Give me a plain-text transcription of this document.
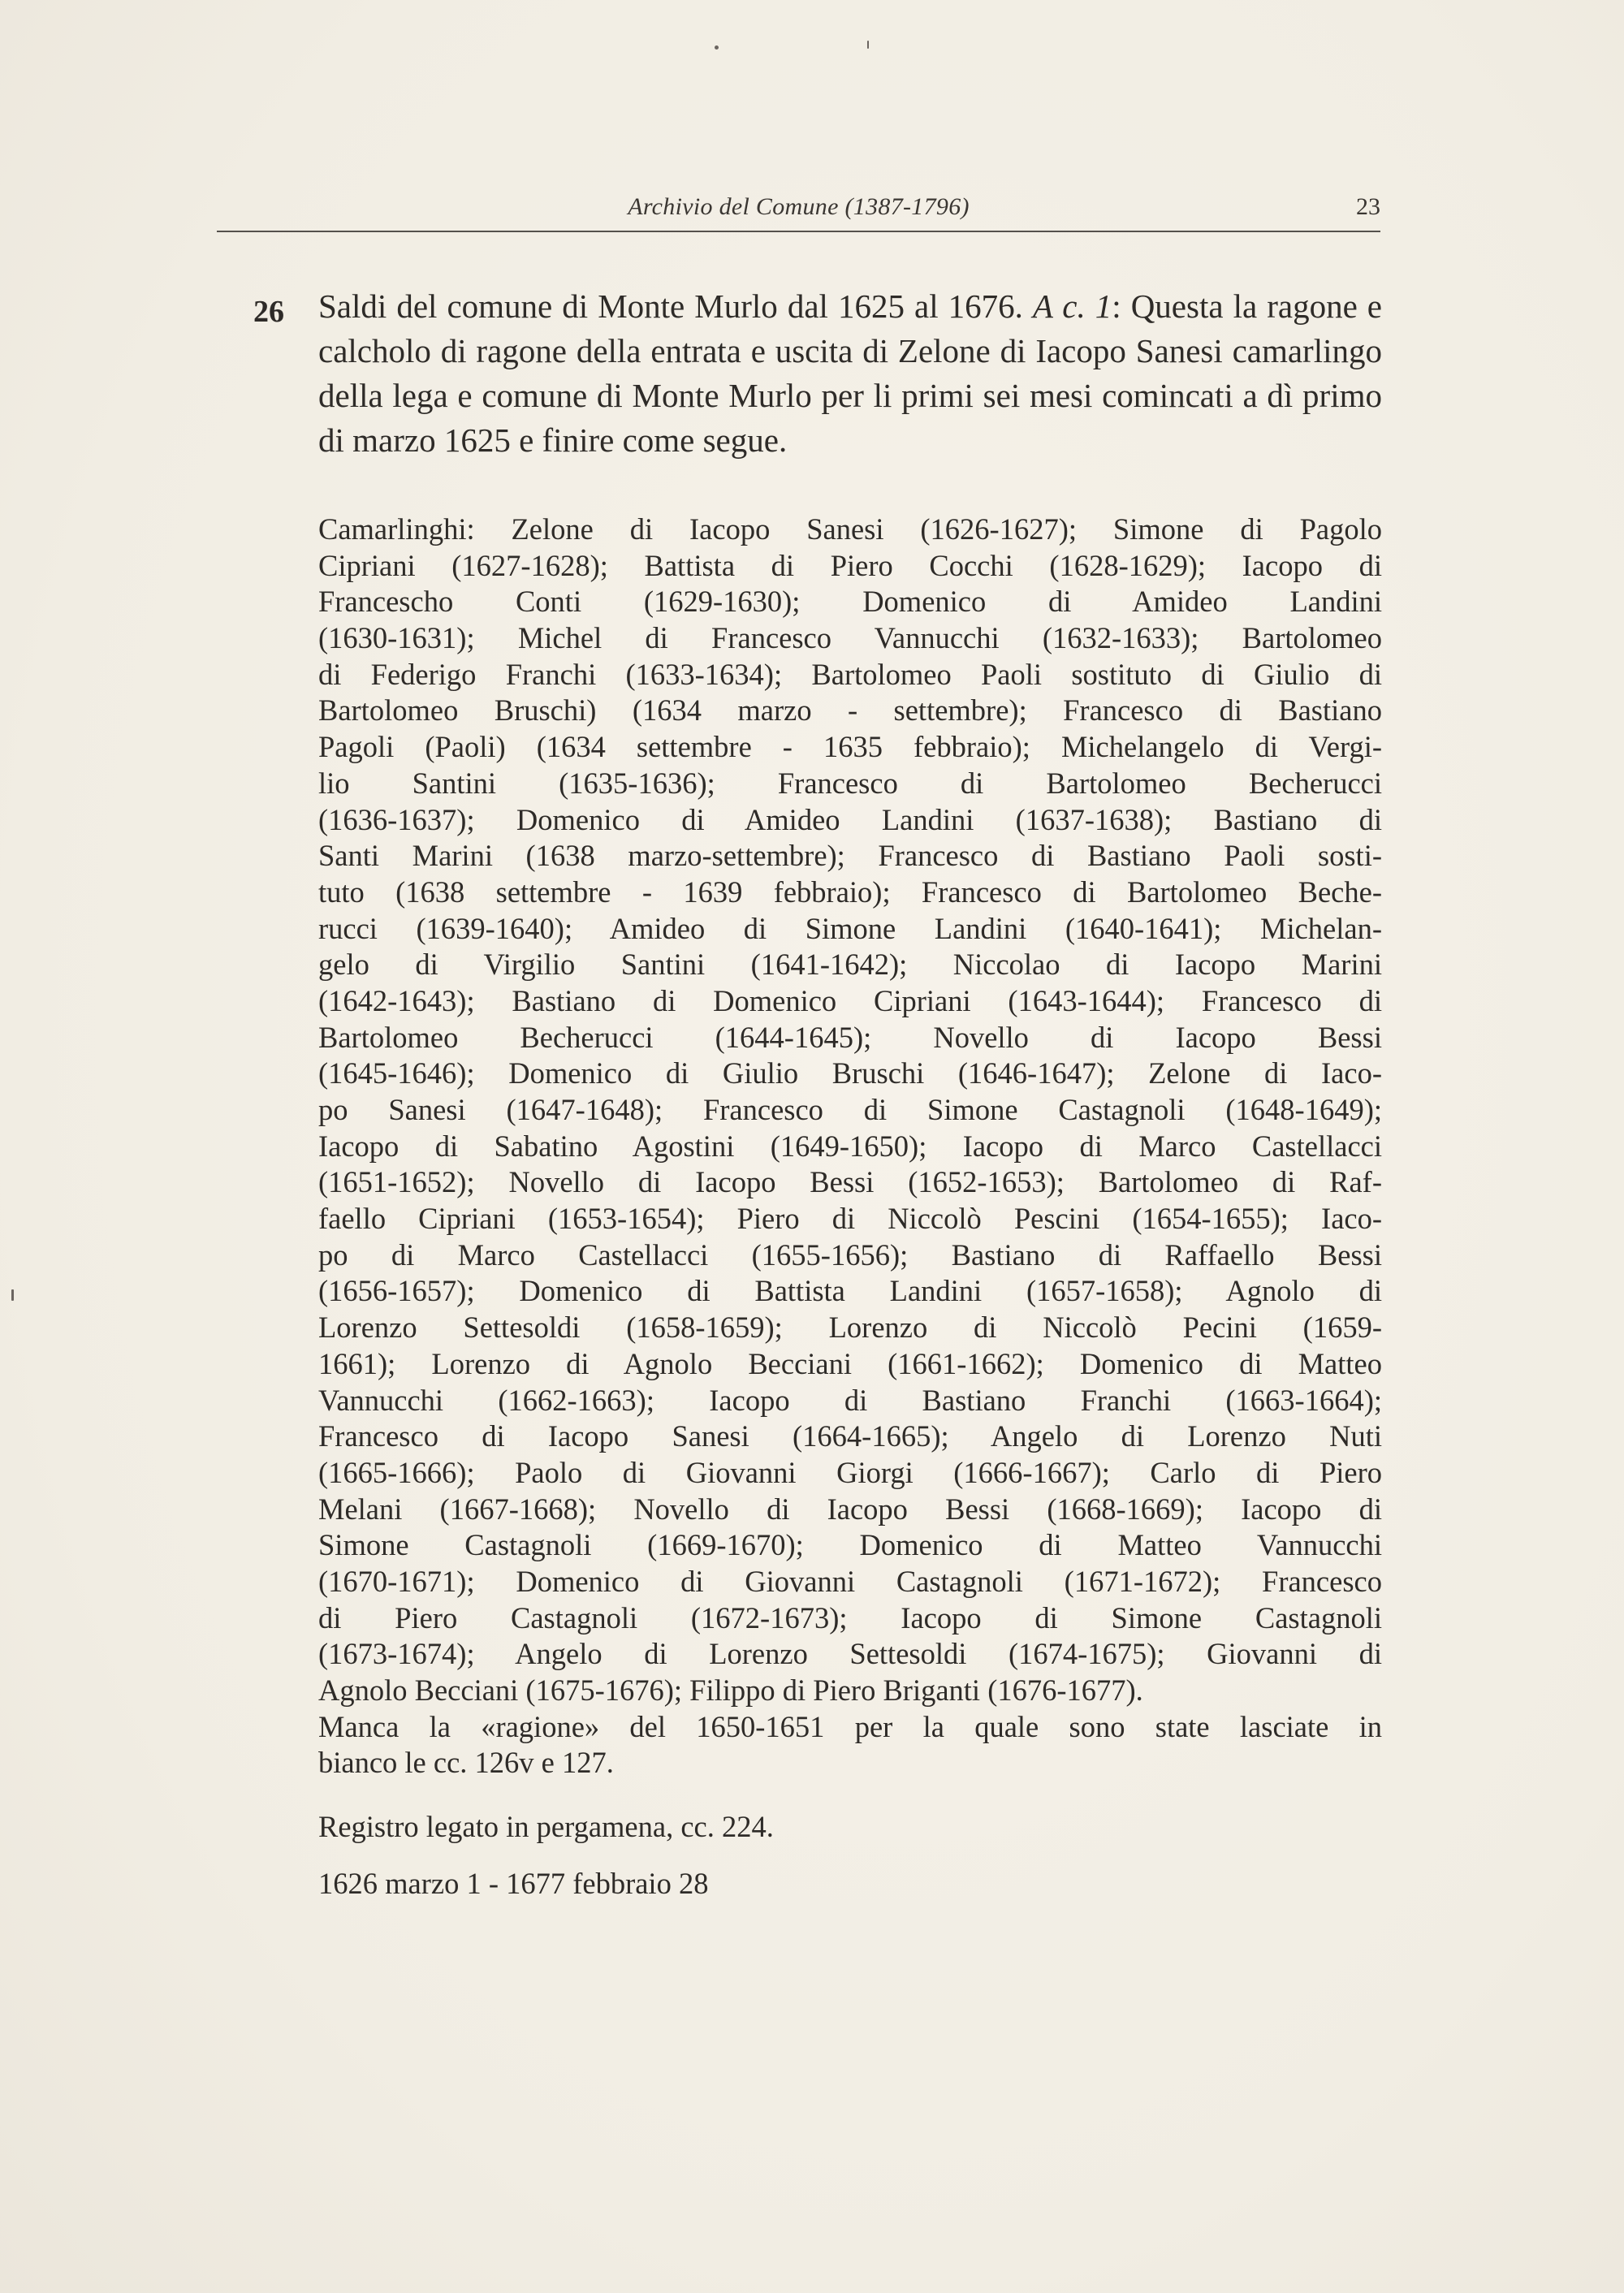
Archivio del Comune (1387-1796)	23
26 Saldi del comune di Monte Murlo dal 1625 al 1676. A c. 1: Questa la ragone e calcholo di ragone della entrata e uscita di Zelone di Iacopo Sanesi camarlingo della lega e comune di Monte Murlo per li primi sei mesi comincati a dì primo di marzo 1625 e finire come segue.
Camarlinghi: Zelone di Iacopo Sanesi (1626-1627); Simone di Pagolo
Cipriani (1627-1628); Battista di Piero Cocchi (1628-1629); Iacopo di
Francescho Conti (1629-1630); Domenico di Amideo Landini
(1630-1631); Michel di Francesco Vannucchi (1632-1633); Bartolomeo
di Federigo Franchi (1633-1634); Bartolomeo Paoli sostituto di Giulio di
Bartolomeo Bruschi) (1634 marzo - settembre); Francesco di Bastiano
Pagoli (Paoli) (1634 settembre - 1635 febbraio); Michelangelo di Vergi-
lio Santini (1635-1636); Francesco di Bartolomeo Becherucci
(1636-1637); Domenico di Amideo Landini (1637-1638); Bastiano di
Santi Marini (1638 marzo-settembre); Francesco di Bastiano Paoli sosti-
tuto (1638 settembre - 1639 febbraio); Francesco di Bartolomeo Beche-
rucci (1639-1640); Amideo di Simone Landini (1640-1641); Michelan-
gelo di Virgilio Santini (1641-1642); Niccolao di Iacopo Marini
(1642-1643); Bastiano di Domenico Cipriani (1643-1644); Francesco di
Bartolomeo Becherucci (1644-1645); Novello di Iacopo Bessi
(1645-1646); Domenico di Giulio Bruschi (1646-1647); Zelone di Iaco-
po Sanesi (1647-1648); Francesco di Simone Castagnoli (1648-1649);
Iacopo di Sabatino Agostini (1649-1650); Iacopo di Marco Castellacci
(1651-1652); Novello di Iacopo Bessi (1652-1653); Bartolomeo di Raf-
faello Cipriani (1653-1654); Piero di Niccolò Pescini (1654-1655); Iaco-
po di Marco Castellacci (1655-1656); Bastiano di Raffaello Bessi
(1656-1657); Domenico di Battista Landini (1657-1658); Agnolo di
Lorenzo Settesoldi (1658-1659); Lorenzo di Niccolò Pecini (1659-
1661); Lorenzo di Agnolo Becciani (1661-1662); Domenico di Matteo
Vannucchi (1662-1663); Iacopo di Bastiano Franchi (1663-1664);
Francesco di Iacopo Sanesi (1664-1665); Angelo di Lorenzo Nuti
(1665-1666); Paolo di Giovanni Giorgi (1666-1667); Carlo di Piero
Melani (1667-1668); Novello di Iacopo Bessi (1668-1669); Iacopo di
Simone Castagnoli (1669-1670); Domenico di Matteo Vannucchi
(1670-1671); Domenico di Giovanni Castagnoli (1671-1672); Francesco
di Piero Castagnoli (1672-1673); Iacopo di Simone Castagnoli
(1673-1674); Angelo di Lorenzo Settesoldi (1674-1675); Giovanni di
Agnolo Becciani (1675-1676); Filippo di Piero Briganti (1676-1677).
Manca la «ragione» del 1650-1651 per la quale sono state lasciate in
bianco le cc. 126v e 127.
Registro legato in pergamena, cc. 224.
1626 marzo 1 - 1677 febbraio 28
